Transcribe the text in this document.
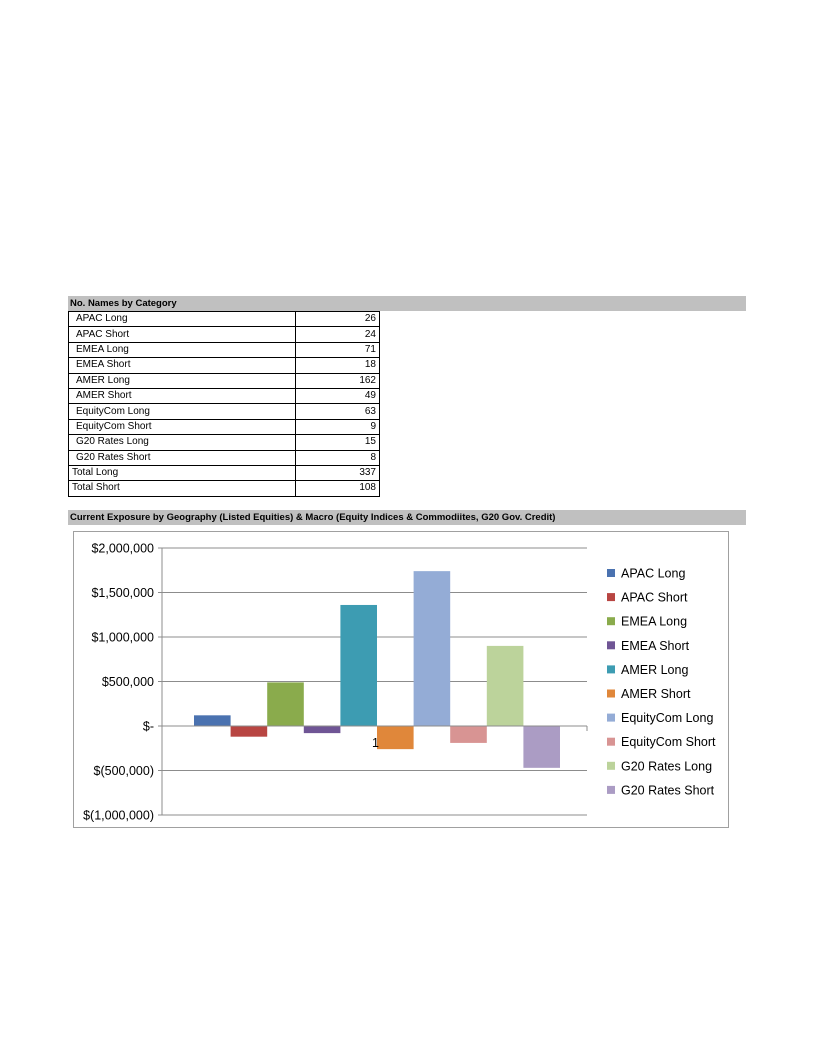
No. Names by Category
APAC Long	26
APAC Short	24
EMEA Long	71
EMEA Short	18
AMER Long	162
AMER Short	49
EquityCom Long	63
EquityCom Short	9
G20 Rates Long	15
G20 Rates Short	8
Total Long	337
Total Short	108
Current Exposure by Geography (Listed Equities) & Macro (Equity Indices & Commodiites, G20 Gov. Credit)
$2,000,000
$1,500,000
$1,000,000
$500,000
$-
$(500,000)
$(1,000,000)
1
APAC Long
APAC Short
EMEA Long
EMEA Short
AMER Long
AMER Short
EquityCom Long
EquityCom Short
G20 Rates Long
G20 Rates Short
